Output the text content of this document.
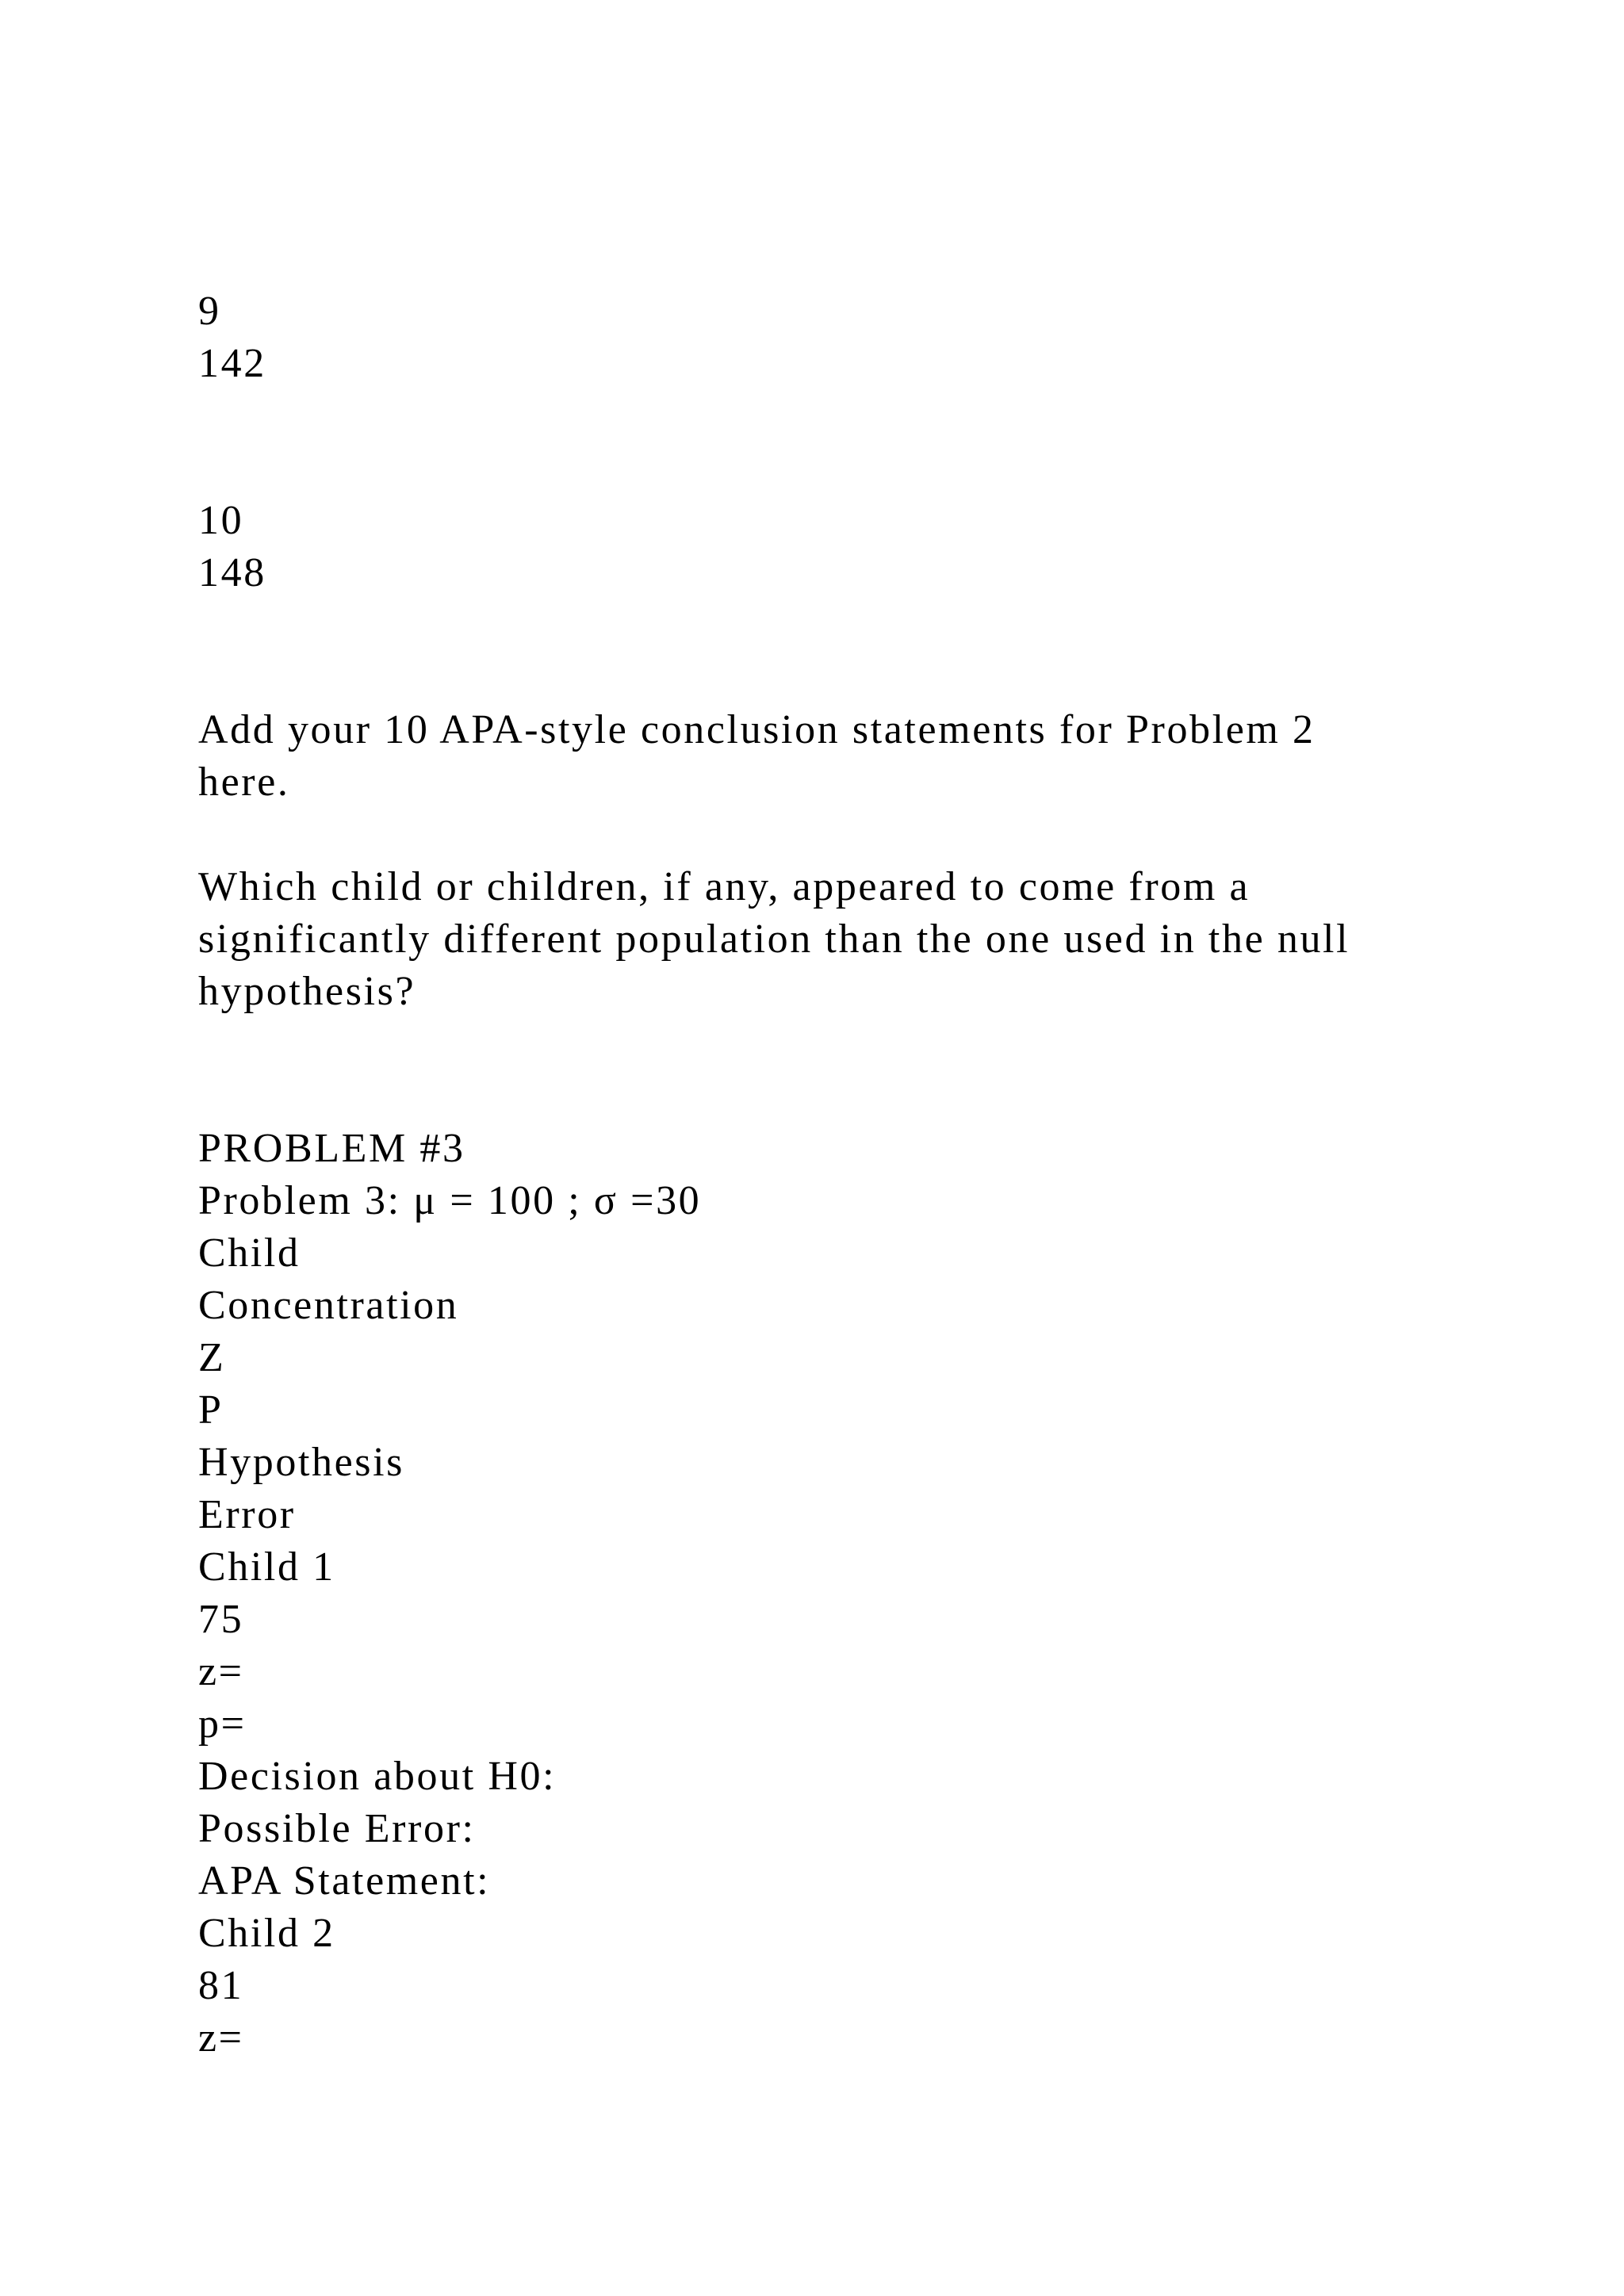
9
142
10
148
Add your 10 APA-style conclusion statements for Problem 2
here.
Which child or children, if any, appeared to come from a
significantly different population than the one used in the null
hypothesis?
PROBLEM #3
Problem 3: μ = 100 ; σ =30
Child
Concentration
Z
P
Hypothesis
Error
Child 1
75
z=
p=
Decision about H0:
Possible Error:
APA Statement:
Child 2
81
z=
